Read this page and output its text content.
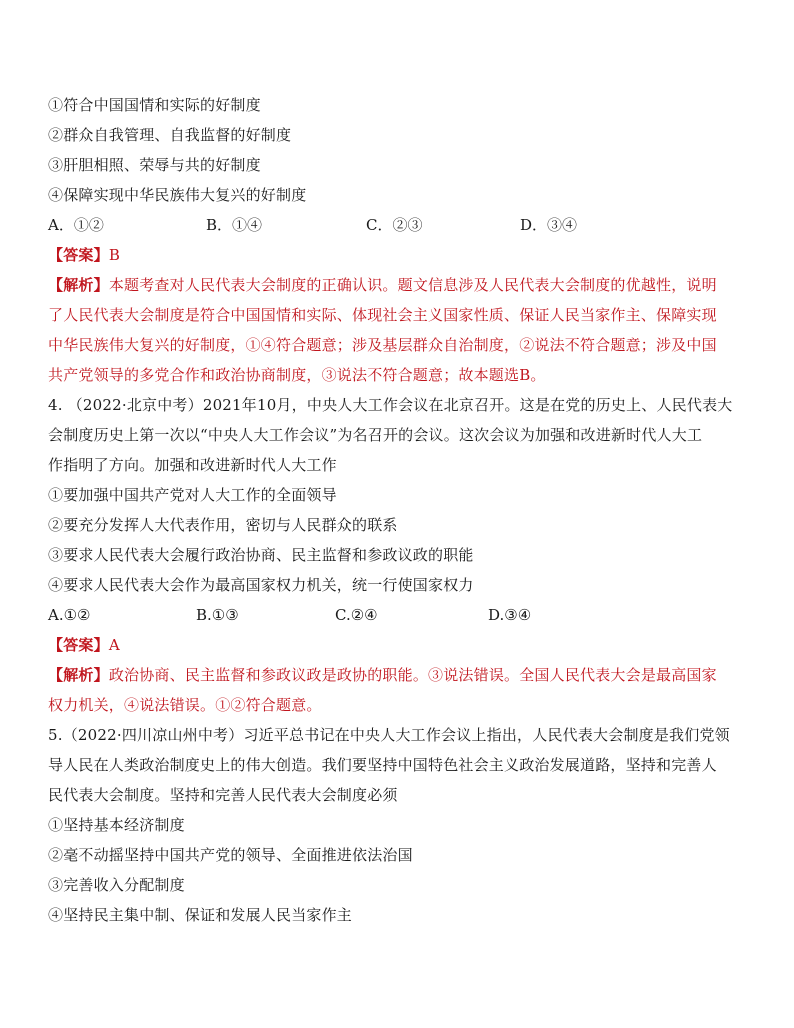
①符合中国国情和实际的好制度
②群众自我管理、自我监督的好制度
③肝胆相照、荣辱与共的好制度
④保障实现中华民族伟大复兴的好制度
A．①②	B．①④	C．②③	D．③④
【答案】B
【解析】本题考查对人民代表大会制度的正确认识。题文信息涉及人民代表大会制度的优越性，说明
了人民代表大会制度是符合中国国情和实际、体现社会主义国家性质、保证人民当家作主、保障实现
中华民族伟大复兴的好制度，①④符合题意；涉及基层群众自治制度，②说法不符合题意；涉及中国
共产党领导的多党合作和政治协商制度，③说法不符合题意；故本题选B。
4. （2022·北京中考）2021年10月，中央人大工作会议在北京召开。这是在党的历史上、人民代表大
会制度历史上第一次以“中央人大工作会议”为名召开的会议。这次会议为加强和改进新时代人大工
作指明了方向。加强和改进新时代人大工作
①要加强中国共产党对人大工作的全面领导
②要充分发挥人大代表作用，密切与人民群众的联系
③要求人民代表大会履行政治协商、民主监督和参政议政的职能
④要求人民代表大会作为最高国家权力机关，统一行使国家权力
A.①②	B.①③	C.②④	D.③④
【答案】A
【解析】政治协商、民主监督和参政议政是政协的职能。③说法错误。全国人民代表大会是最高国家
权力机关，④说法错误。①②符合题意。
5.（2022·四川凉山州中考）习近平总书记在中央人大工作会议上指出，人民代表大会制度是我们党领
导人民在人类政治制度史上的伟大创造。我们要坚持中国特色社会主义政治发展道路，坚持和完善人
民代表大会制度。坚持和完善人民代表大会制度必须
①坚持基本经济制度
②毫不动摇坚持中国共产党的领导、全面推进依法治国
③完善收入分配制度
④坚持民主集中制、保证和发展人民当家作主
